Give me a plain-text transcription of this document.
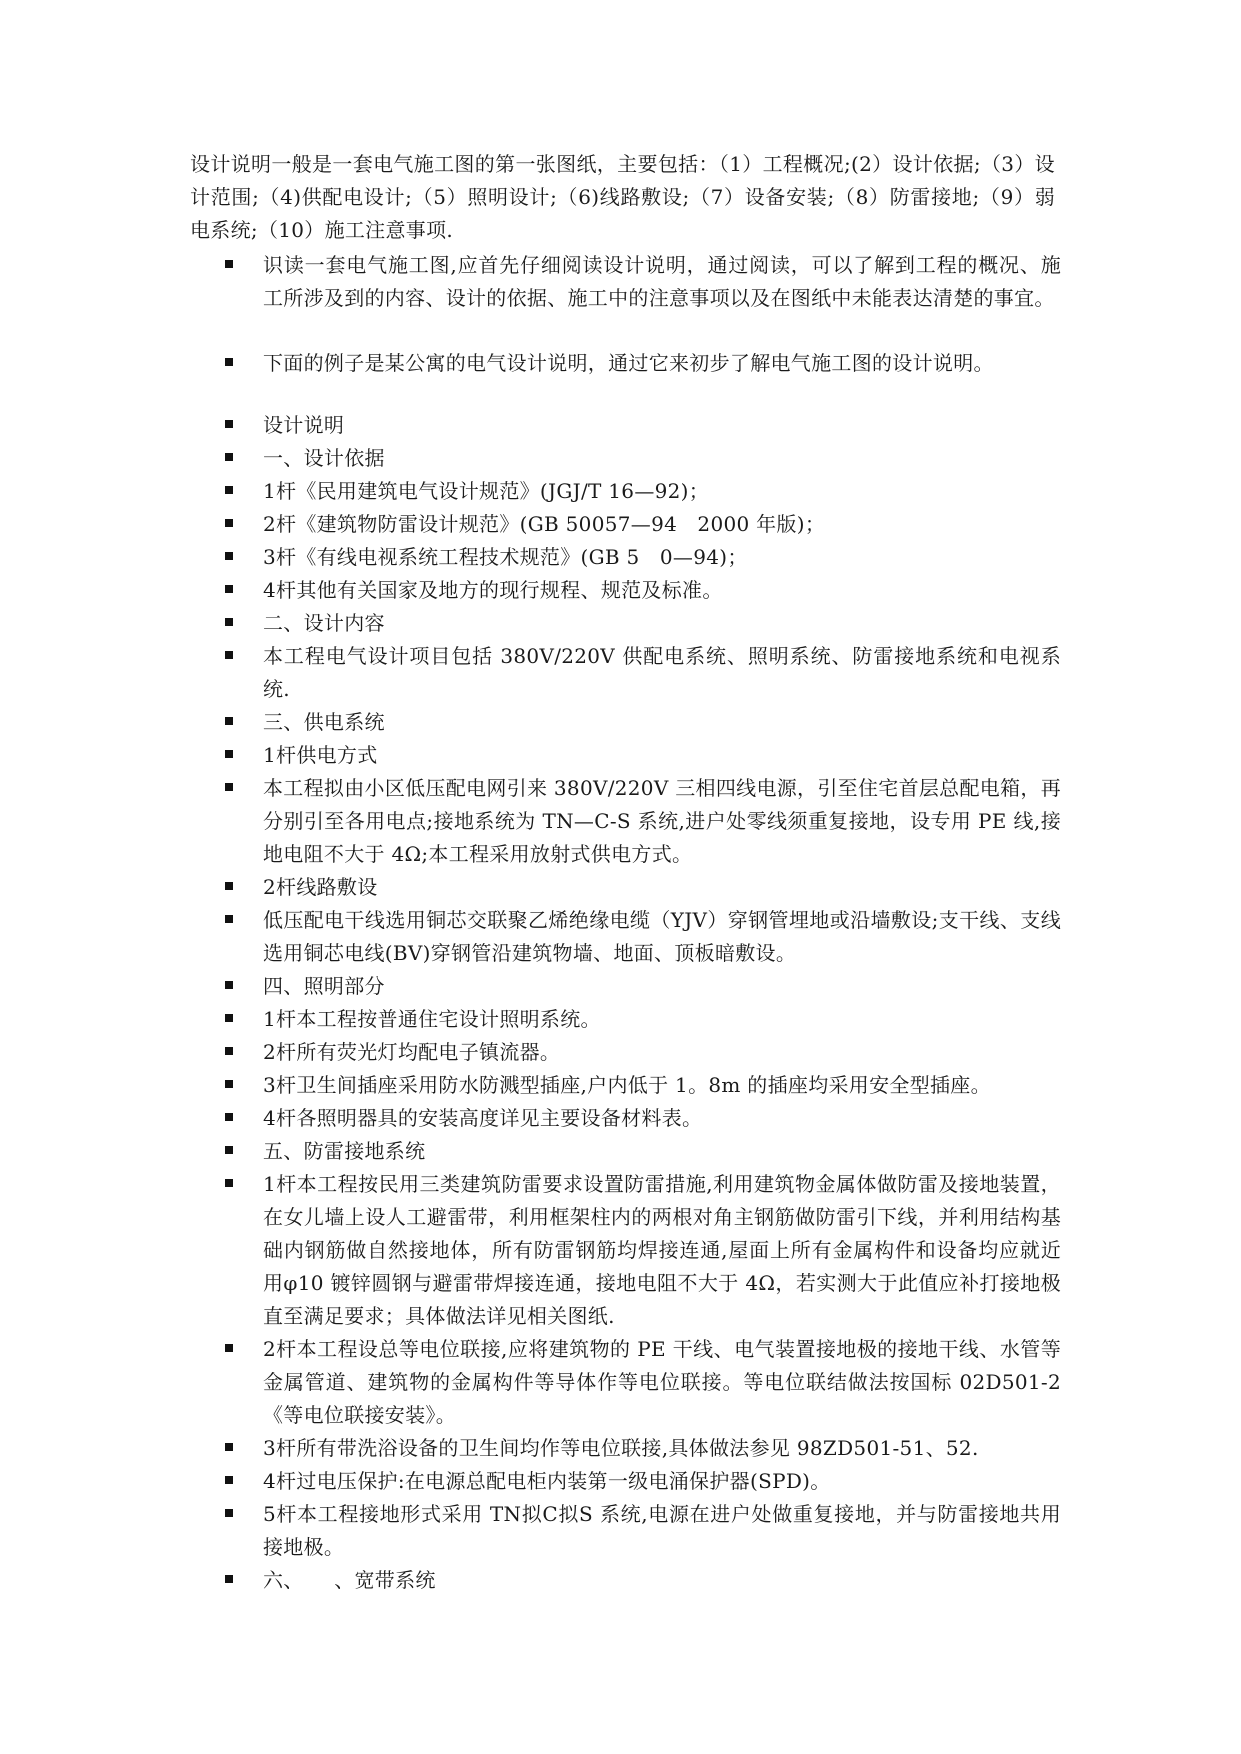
设计说明一般是一套电气施工图的第一张图纸，主要包括：（1）工程概况;(2）设计依据;（3）设计范围;（4)供配电设计;（5）照明设计;（6)线路敷设;（7）设备安装;（8）防雷接地;（9）弱电系统;（10）施工注意事项.

识读一套电气施工图,应首先仔细阅读设计说明，通过阅读，可以了解到工程的概况、施工所涉及到的内容、设计的依据、施工中的注意事项以及在图纸中未能表达清楚的事宜。

下面的例子是某公寓的电气设计说明，通过它来初步了解电气施工图的设计说明。

设计说明

一、设计依据

1杆《民用建筑电气设计规范》(JGJ/T 16—92)；

2杆《建筑物防雷设计规范》(GB 50057—94　2000 年版)；

3杆《有线电视系统工程技术规范》(GB 5　0—94)；

4杆其他有关国家及地方的现行规程、规范及标准。

二、设计内容

本工程电气设计项目包括 380V/220V 供配电系统、照明系统、防雷接地系统和电视系统.

三、供电系统

1杆供电方式

本工程拟由小区低压配电网引来 380V/220V 三相四线电源，引至住宅首层总配电箱，再分别引至各用电点;接地系统为 TN—C-S 系统,进户处零线须重复接地，设专用 PE 线,接地电阻不大于 4Ω;本工程采用放射式供电方式。

2杆线路敷设

低压配电干线选用铜芯交联聚乙烯绝缘电缆（YJV）穿钢管埋地或沿墙敷设;支干线、支线选用铜芯电线(BV)穿钢管沿建筑物墙、地面、顶板暗敷设。

四、照明部分

1杆本工程按普通住宅设计照明系统。

2杆所有荧光灯均配电子镇流器。

3杆卫生间插座采用防水防溅型插座,户内低于 1。8m 的插座均采用安全型插座。

4杆各照明器具的安装高度详见主要设备材料表。

五、防雷接地系统

1杆本工程按民用三类建筑防雷要求设置防雷措施,利用建筑物金属体做防雷及接地装置，在女儿墙上设人工避雷带，利用框架柱内的两根对角主钢筋做防雷引下线，并利用结构基础内钢筋做自然接地体，所有防雷钢筋均焊接连通,屋面上所有金属构件和设备均应就近用φ10 镀锌圆钢与避雷带焊接连通，接地电阻不大于 4Ω，若实测大于此值应补打接地极直至满足要求；具体做法详见相关图纸.

2杆本工程设总等电位联接,应将建筑物的 PE 干线、电气装置接地极的接地干线、水管等金属管道、建筑物的金属构件等导体作等电位联接。等电位联结做法按国标 02D501-2 《等电位联接安装》。

3杆所有带洗浴设备的卫生间均作等电位联接,具体做法参见 98ZD501-51、52.

4杆过电压保护:在电源总配电柜内装第一级电涌保护器(SPD)。

5杆本工程接地形式采用 TN拟C拟S 系统,电源在进户处做重复接地，并与防雷接地共用接地极。

六、　　、宽带系统
